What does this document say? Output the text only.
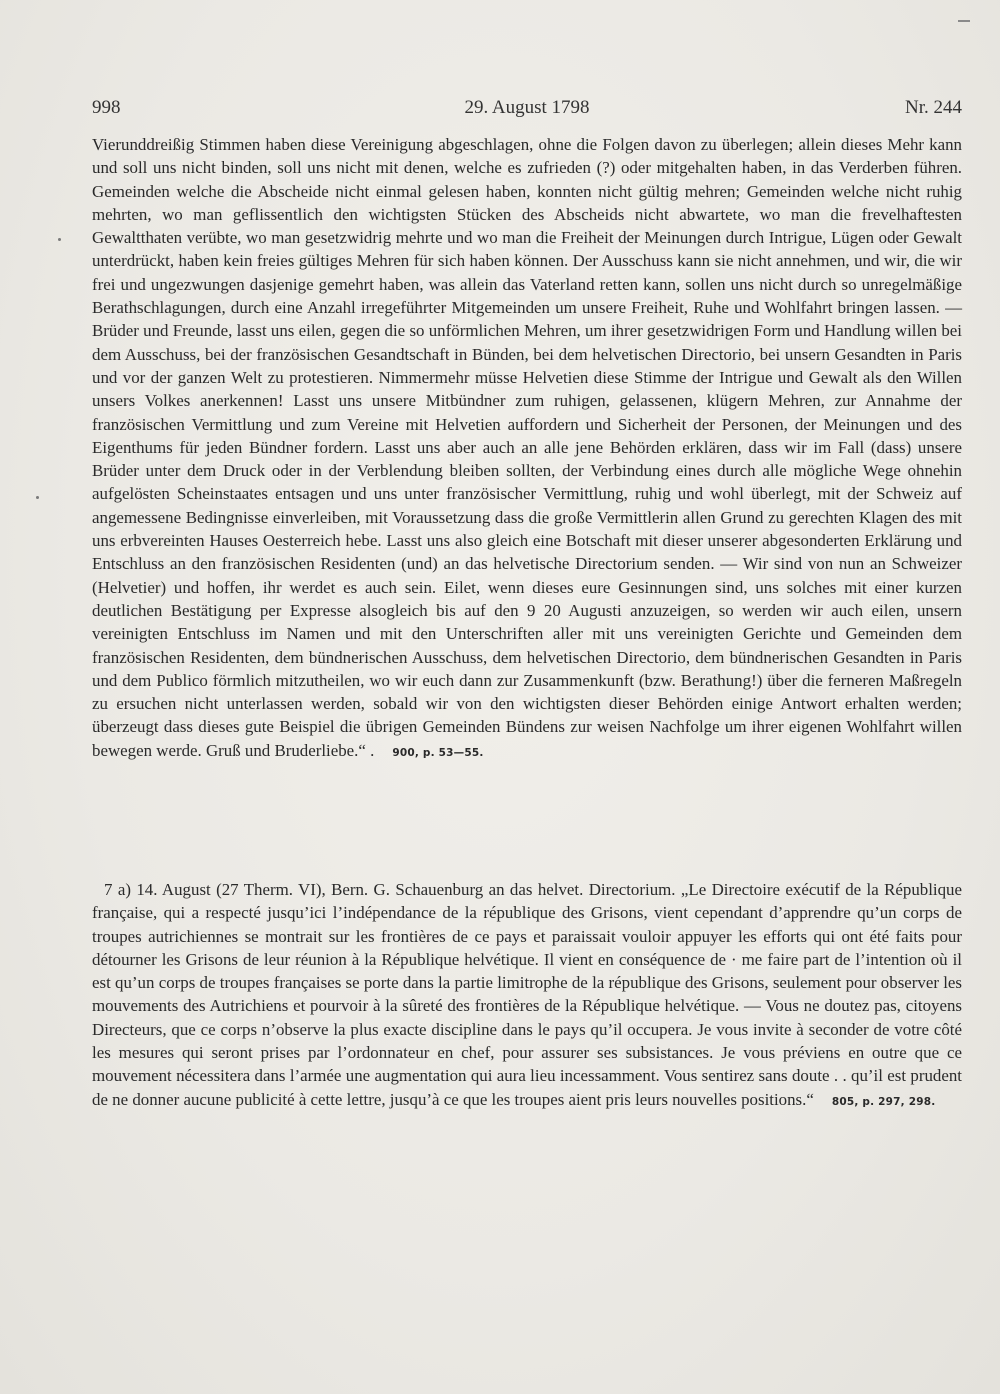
998	29. August 1798	Nr. 244

Vierunddreißig Stimmen haben diese Vereinigung abgeschlagen, ohne die Folgen davon zu überlegen; allein dieses Mehr kann und soll uns nicht binden, soll uns nicht mit denen, welche es zufrieden (?) oder mitgehalten haben, in das Verderben führen. Gemeinden welche die Abscheide nicht einmal gelesen haben, konnten nicht gültig mehren; Gemeinden welche nicht ruhig mehrten, wo man geflissentlich den wichtigsten Stücken des Abscheids nicht abwartete, wo man die frevelhaftesten Gewaltthaten verübte, wo man gesetzwidrig mehrte und wo man die Freiheit der Meinungen durch Intrigue, Lügen oder Gewalt unterdrückt, haben kein freies gültiges Mehren für sich haben können. Der Ausschuss kann sie nicht annehmen, und wir, die wir frei und ungezwungen dasjenige gemehrt haben, was allein das Vaterland retten kann, sollen uns nicht durch so unregelmäßige Berathschlagungen, durch eine Anzahl irregeführter Mitgemeinden um unsere Freiheit, Ruhe und Wohlfahrt bringen lassen. — Brüder und Freunde, lasst uns eilen, gegen die so unförmlichen Mehren, um ihrer gesetzwidrigen Form und Handlung willen bei dem Ausschuss, bei der französischen Gesandtschaft in Bünden, bei dem helvetischen Directorio, bei unsern Gesandten in Paris und vor der ganzen Welt zu protestieren. Nimmermehr müsse Helvetien diese Stimme der Intrigue und Gewalt als den Willen unsers Volkes anerkennen! Lasst uns unsere Mitbündner zum ruhigen, gelassenen, klügern Mehren, zur Annahme der französischen Vermittlung und zum Vereine mit Helvetien auffordern und Sicherheit der Personen, der Meinungen und des Eigenthums für jeden Bündner fordern. Lasst uns aber auch an alle jene Behörden erklären, dass wir im Fall (dass) unsere Brüder unter dem Druck oder in der Verblendung bleiben sollten, der Verbindung eines durch alle mögliche Wege ohnehin aufgelösten Scheinstaates entsagen und uns unter französischer Vermittlung, ruhig und wohl überlegt, mit der Schweiz auf angemessene Bedingnisse einverleiben, mit Voraussetzung dass die große Vermittlerin allen Grund zu gerechten Klagen des mit uns erbvereinten Hauses Oesterreich hebe. Lasst uns also gleich eine Botschaft mit dieser unserer abgesonderten Erklärung und Entschluss an den französischen Residenten (und) an das helvetische Directorium senden. — Wir sind von nun an Schweizer (Helvetier) und hoffen, ihr werdet es auch sein. Eilet, wenn dieses eure Gesinnungen sind, uns solches mit einer kurzen deutlichen Bestätigung per Expresse alsogleich bis auf den 9 20 Augusti anzuzeigen, so werden wir auch eilen, unsern vereinigten Entschluss im Namen und mit den Unterschriften aller mit uns vereinigten Gerichte und Gemeinden dem französischen Residenten, dem bündnerischen Ausschuss, dem helvetischen Directorio, dem bündnerischen Gesandten in Paris und dem Publico förmlich mitzutheilen, wo wir euch dann zur Zusammenkunft (bzw. Berathung!) über die ferneren Maßregeln zu ersuchen nicht unterlassen werden, sobald wir von den wichtigsten dieser Behörden einige Antwort erhalten werden; überzeugt dass dieses gute Beispiel die übrigen Gemeinden Bündens zur weisen Nachfolge um ihrer eigenen Wohlfahrt willen bewegen werde. Gruß und Bruderliebe.“ . 900, p. 53—55.

7 a) 14. August (27 Therm. VI), Bern. G. Schauenburg an das helvet. Directorium. „Le Directoire exécutif de la République française, qui a respecté jusqu’ici l’indépendance de la république des Grisons, vient cependant d’apprendre qu’un corps de troupes autrichiennes se montrait sur les frontières de ce pays et paraissait vouloir appuyer les efforts qui ont été faits pour détourner les Grisons de leur réunion à la République helvétique. Il vient en conséquence de · me faire part de l’intention où il est qu’un corps de troupes françaises se porte dans la partie limitrophe de la république des Grisons, seulement pour observer les mouvements des Autrichiens et pourvoir à la sûreté des frontières de la République helvétique. — Vous ne doutez pas, citoyens Directeurs, que ce corps n’observe la plus exacte discipline dans le pays qu’il occupera. Je vous invite à seconder de votre côté les mesures qui seront prises par l’ordonnateur en chef, pour assurer ses subsistances. Je vous préviens en outre que ce mouvement nécessitera dans l’armée une augmentation qui aura lieu incessamment. Vous sentirez sans doute . . qu’il est prudent de ne donner aucune publicité à cette lettre, jusqu’à ce que les troupes aient pris leurs nouvelles positions.“ 805, p. 297, 298.
